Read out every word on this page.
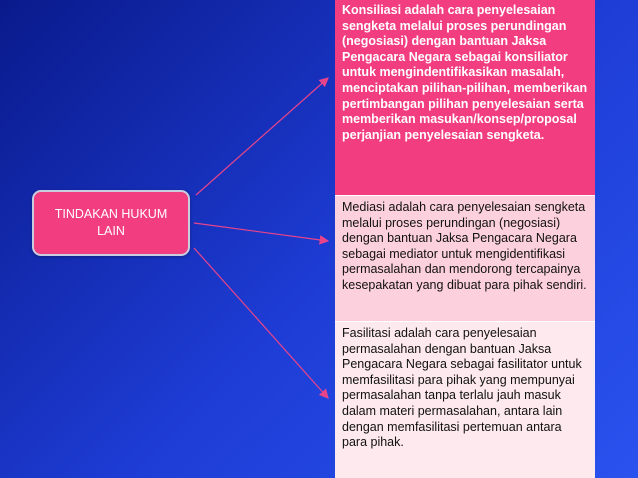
TINDAKAN HUKUM LAIN
Konsiliasi adalah cara penyelesaian sengketa melalui proses perundingan (negosiasi) dengan bantuan Jaksa Pengacara Negara sebagai konsiliator untuk mengindentifikasikan masalah, menciptakan pilihan-pilihan, memberikan pertimbangan pilihan penyelesaian serta memberikan masukan/konsep/proposal perjanjian penyelesaian sengketa.
Mediasi adalah cara penyelesaian sengketa melalui proses perundingan (negosiasi) dengan bantuan Jaksa Pengacara Negara sebagai mediator untuk mengidentifikasi permasalahan dan mendorong tercapainya kesepakatan yang dibuat para pihak sendiri.
Fasilitasi adalah cara penyelesaian permasalahan dengan bantuan Jaksa Pengacara Negara sebagai fasilitator untuk memfasilitasi para pihak yang mempunyai permasalahan tanpa terlalu jauh masuk dalam materi permasalahan, antara lain dengan memfasilitasi pertemuan antara para pihak.
